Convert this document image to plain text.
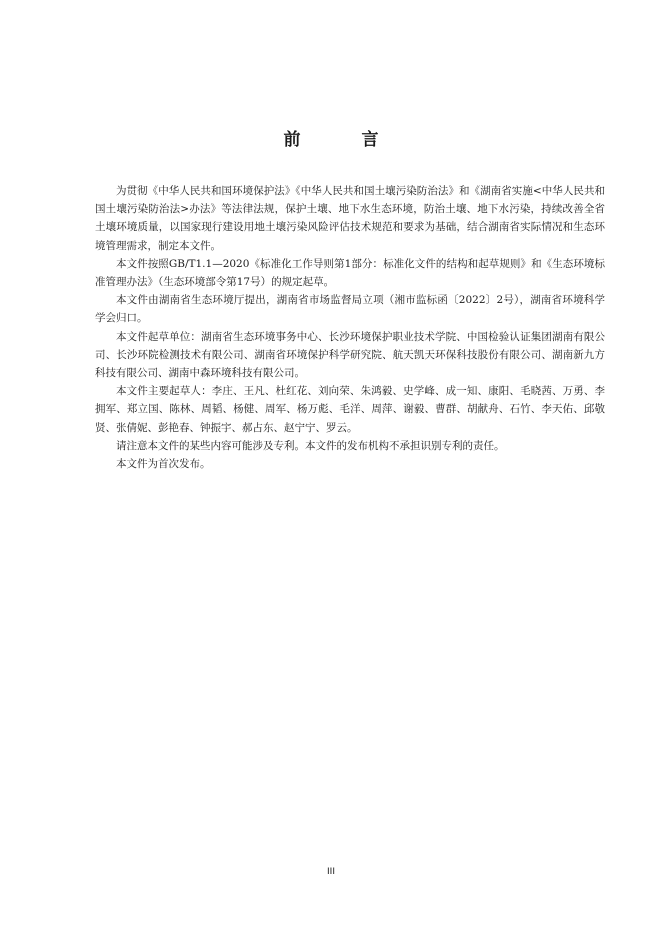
前　言

为贯彻《中华人民共和国环境保护法》《中华人民共和国土壤污染防治法》和《湖南省实施<中华人民共和国土壤污染防治法>办法》等法律法规，保护土壤、地下水生态环境，防治土壤、地下水污染，持续改善全省土壤环境质量，以国家现行建设用地土壤污染风险评估技术规范和要求为基础，结合湖南省实际情况和生态环境管理需求，制定本文件。

本文件按照GB/T1.1—2020《标准化工作导则第1部分：标准化文件的结构和起草规则》和《生态环境标准管理办法》（生态环境部令第17号）的规定起草。

本文件由湖南省生态环境厅提出，湖南省市场监督局立项（湘市监标函〔2022〕2号），湖南省环境科学学会归口。

本文件起草单位：湖南省生态环境事务中心、长沙环境保护职业技术学院、中国检验认证集团湖南有限公司、长沙环院检测技术有限公司、湖南省环境保护科学研究院、航天凯天环保科技股份有限公司、湖南新九方科技有限公司、湖南中森环境科技有限公司。

本文件主要起草人：李庄、王凡、杜红花、刘向荣、朱鸿毅、史学峰、成一知、康阳、毛晓茜、万勇、李拥军、郑立国、陈林、周韬、杨健、周军、杨万彪、毛洋、周萍、谢毅、曹群、胡献舟、石竹、李天佑、邱敬贤、张倩妮、彭艳春、钟振宇、郝占东、赵宁宁、罗云。

请注意本文件的某些内容可能涉及专利。本文件的发布机构不承担识别专利的责任。

本文件为首次发布。

III
